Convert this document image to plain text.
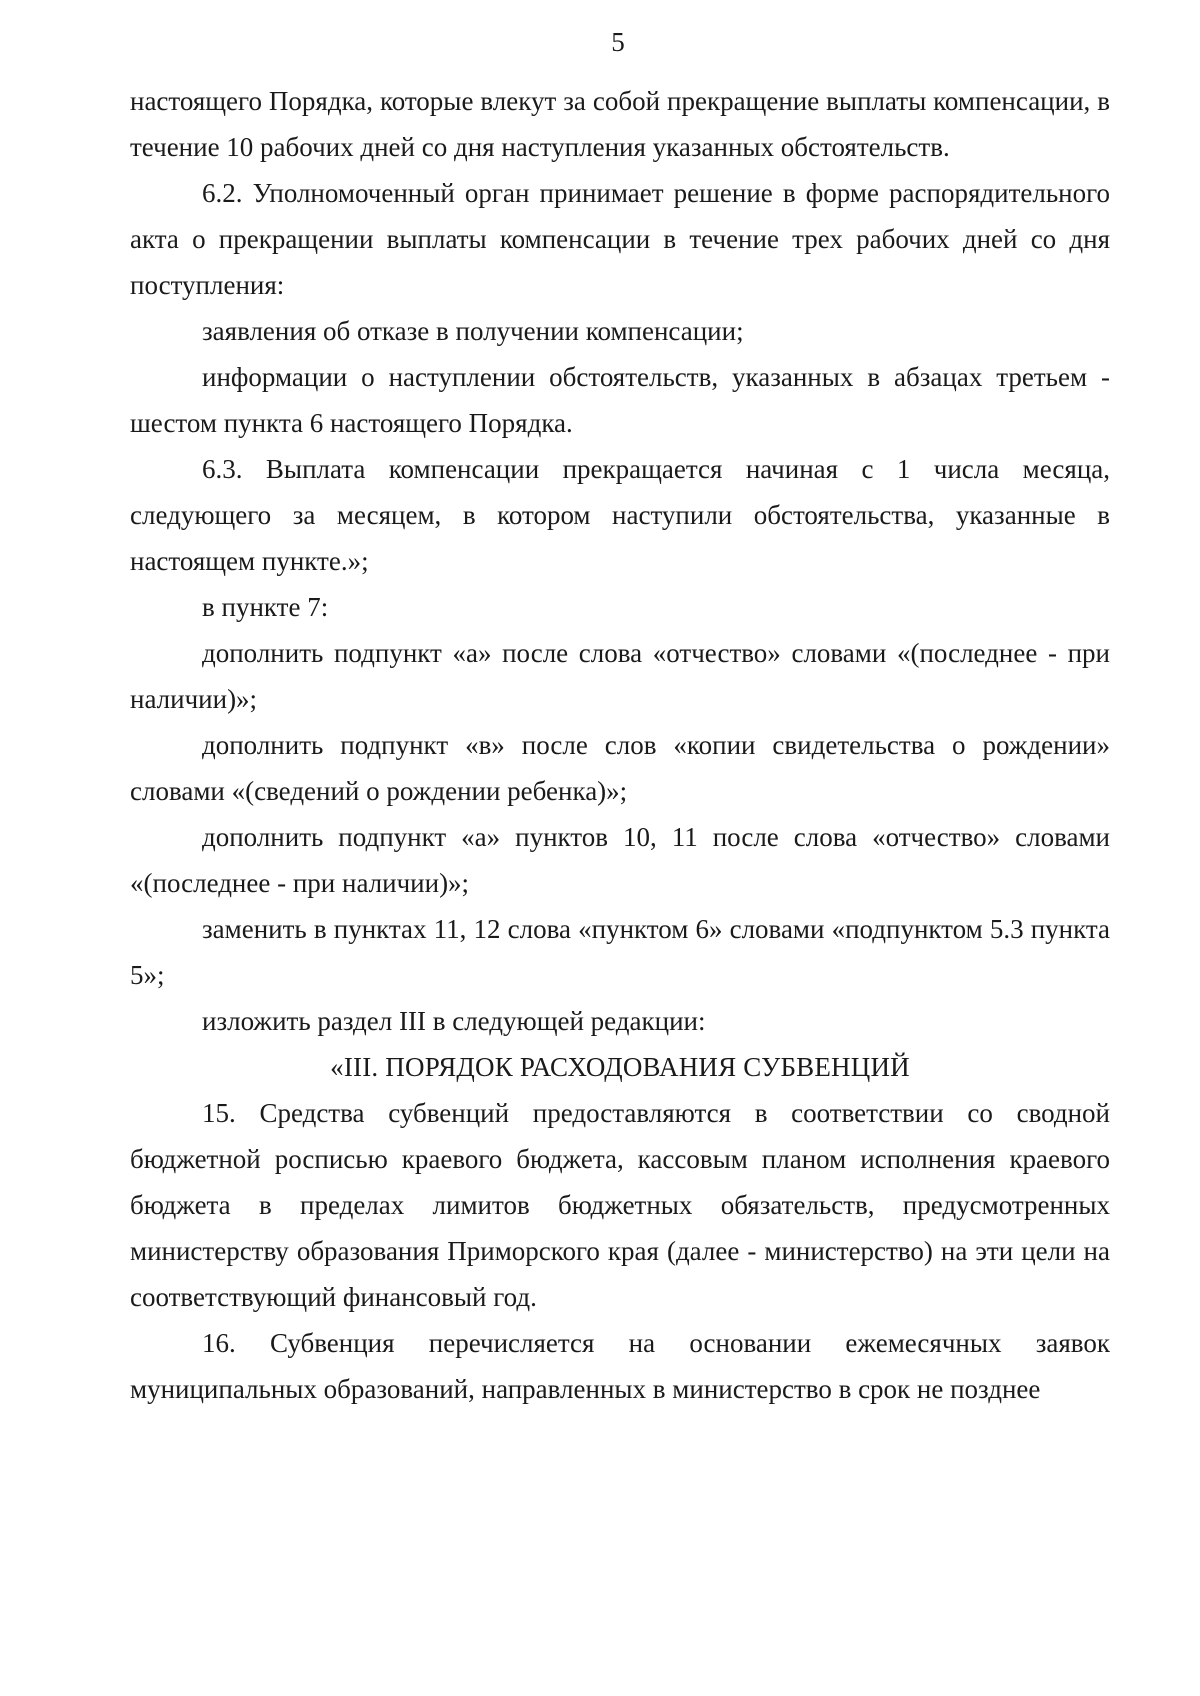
5

настоящего Порядка, которые влекут за собой прекращение выплаты компенсации, в течение 10 рабочих дней со дня наступления указанных обстоятельств.

6.2. Уполномоченный орган принимает решение в форме распорядительного акта о прекращении выплаты компенсации в течение трех рабочих дней со дня поступления:

заявления об отказе в получении компенсации;

информации о наступлении обстоятельств, указанных в абзацах третьем - шестом пункта 6 настоящего Порядка.

6.3. Выплата компенсации прекращается начиная с 1 числа месяца, следующего за месяцем, в котором наступили обстоятельства, указанные в настоящем пункте.»;

в пункте 7:

дополнить подпункт «а» после слова «отчество» словами «(последнее - при наличии)»;

дополнить подпункт «в» после слов «копии свидетельства о рождении» словами «(сведений о рождении ребенка)»;

дополнить подпункт «а» пунктов 10, 11 после слова «отчество» словами «(последнее - при наличии)»;

заменить в пунктах 11, 12 слова «пунктом 6» словами «подпунктом 5.3 пункта 5»;

изложить раздел III в следующей редакции:

«III. ПОРЯДОК РАСХОДОВАНИЯ СУБВЕНЦИЙ

15. Средства субвенций предоставляются в соответствии со сводной бюджетной росписью краевого бюджета, кассовым планом исполнения краевого бюджета в пределах лимитов бюджетных обязательств, предусмотренных министерству образования Приморского края (далее - министерство) на эти цели на соответствующий финансовый год.

16. Субвенция перечисляется на основании ежемесячных заявок муниципальных образований, направленных в министерство в срок не позднее
